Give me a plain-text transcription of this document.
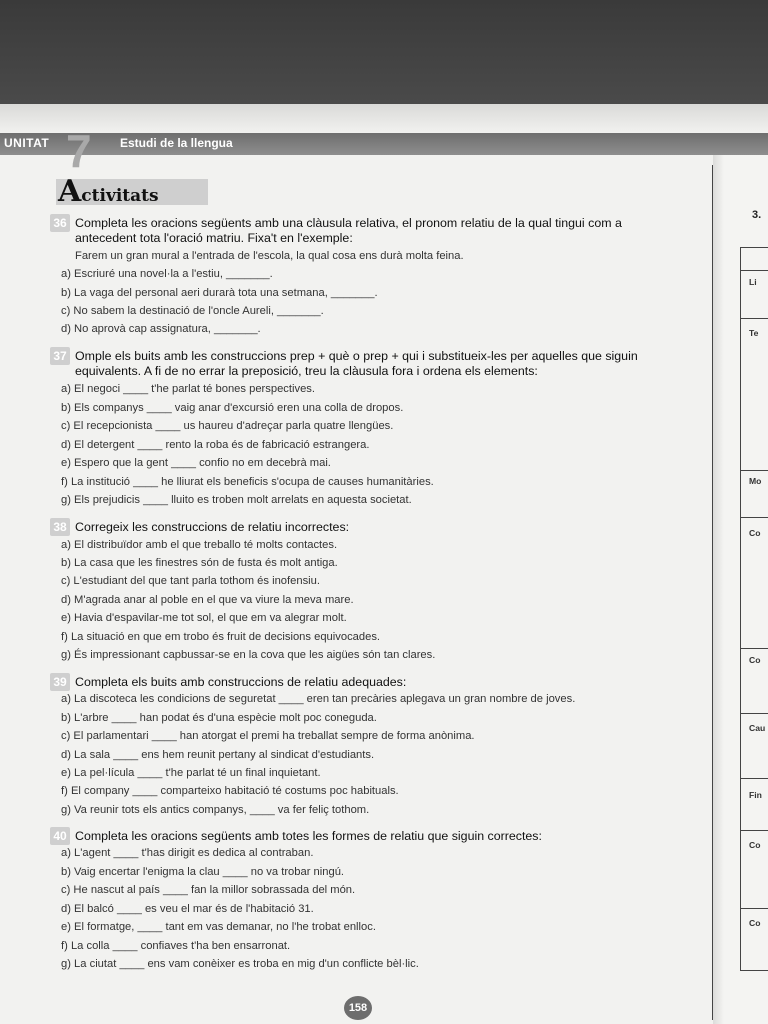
UNITAT 7 Estudi de la llengua
Activitats
36 Completa les oracions següents amb una clàusula relativa, el pronom relatiu de la qual tingui com a antecedent tota l'oració matriu. Fixa't en l'exemple:
Farem un gran mural a l'entrada de l'escola, la qual cosa ens durà molta feina.
a) Escriuré una novel·la a l'estiu, _______.
b) La vaga del personal aeri durarà tota una setmana, _______.
c) No sabem la destinació de l'oncle Aureli, _______.
d) No aprovà cap assignatura, _______.
37 Omple els buits amb les construccions prep + què o prep + qui i substitueix-les per aquelles que siguin equivalents. A fi de no errar la preposició, treu la clàusula fora i ordena els elements:
a) El negoci ____ t'he parlat té bones perspectives.
b) Els companys ____ vaig anar d'excursió eren una colla de dropos.
c) El recepcionista ____ us haureu d'adreçar parla quatre llengües.
d) El detergent ____ rento la roba és de fabricació estrangera.
e) Espero que la gent ____ confio no em decebrà mai.
f) La institució ____ he lliurat els beneficis s'ocupa de causes humanitàries.
g) Els prejudicis ____ lluito es troben molt arrelats en aquesta societat.
38 Corregeix les construccions de relatiu incorrectes:
a) El distribuïdor amb el que treballo té molts contactes.
b) La casa que les finestres són de fusta és molt antiga.
c) L'estudiant del que tant parla tothom és inofensiu.
d) M'agrada anar al poble en el que va viure la meva mare.
e) Havia d'espavilar-me tot sol, el que em va alegrar molt.
f) La situació en que em trobo és fruit de decisions equivocades.
g) És impressionant capbussar-se en la cova que les aigües són tan clares.
39 Completa els buits amb construccions de relatiu adequades:
a) La discoteca les condicions de seguretat ____ eren tan precàries aplegava un gran nombre de joves.
b) L'arbre ____ han podat és d'una espècie molt poc coneguda.
c) El parlamentari ____ han atorgat el premi ha treballat sempre de forma anònima.
d) La sala ____ ens hem reunit pertany al sindicat d'estudiants.
e) La pel·lícula ____ t'he parlat té un final inquietant.
f) El company ____ comparteixo habitació té costums poc habituals.
g) Va reunir tots els antics companys, ____ va fer feliç tothom.
40 Completa les oracions següents amb totes les formes de relatiu que siguin correctes:
a) L'agent ____ t'has dirigit es dedica al contraban.
b) Vaig encertar l'enigma la clau ____ no va trobar ningú.
c) He nascut al país ____ fan la millor sobrassada del món.
d) El balcó ____ es veu el mar és de l'habitació 31.
e) El formatge, ____ tant em vas demanar, no l'he trobat enlloc.
f) La colla ____ confiaves t'ha ben ensarronat.
g) La ciutat ____ ens vam conèixer es troba en mig d'un conflicte bèl·lic.
158
3.
Li
Te
Mo
Co
Co
Cau
Fin
Co
Co
